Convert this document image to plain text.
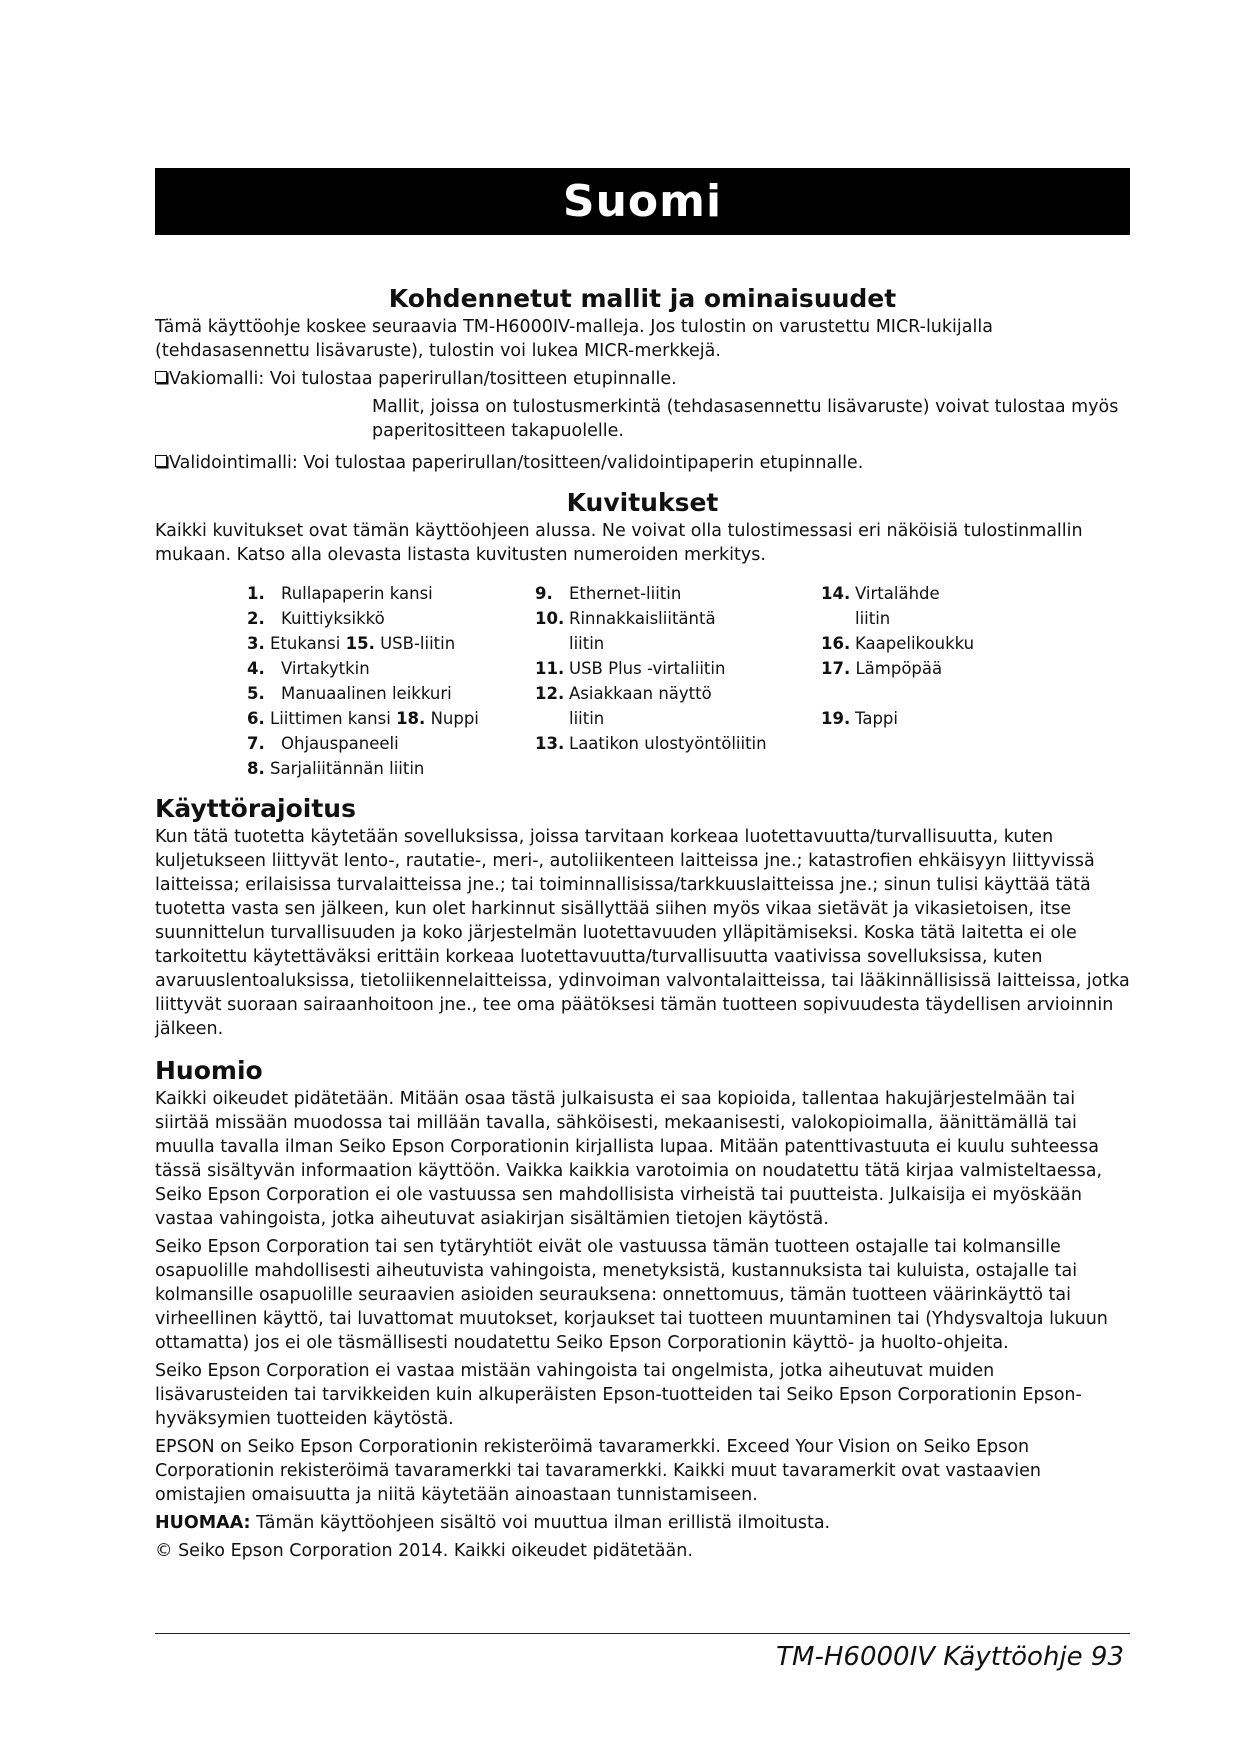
Suomi
Kohdennetut mallit ja ominaisuudet

Tämä käyttöohje koskee seuraavia TM-H6000IV-malleja. Jos tulostin on varustettu MICR-lukijalla (tehdasasennettu lisävaruste), tulostin voi lukea MICR-merkkejä.

Vakiomalli: Voi tulostaa paperirullan/tositteen etupinnalle.

Mallit, joissa on tulostusmerkintä (tehdasasennettu lisävaruste) voivat tulostaa myös paperitositteen takapuolelle.

Validointimalli: Voi tulostaa paperirullan/tositteen/validointipaperin etupinnalle.

Kuvitukset

Kaikki kuvitukset ovat tämän käyttöohjeen alussa. Ne voivat olla tulostimessasi eri näköisiä tulostinmallin mukaan. Katso alla olevasta listasta kuvitusten numeroiden merkitys.

1. Rullapaperin kansi
2. Kuittiyksikkö
3. Etukansi 15. USB-liitin
4. Virtakytkin
5. Manuaalinen leikkuri
6. Liittimen kansi 18. Nuppi
7. Ohjauspaneeli
8. Sarjaliitännän liitin
9. Ethernet-liitin
10. Rinnakkaisliitäntä liitin
11. USB Plus -virtaliitin
12. Asiakkaan näyttö liitin
13. Laatikon ulostyöntöliitin
14. Virtalähde liitin
16. Kaapelikoukku
17. Lämpöpää
19. Tappi
Käyttörajoitus

Kun tätä tuotetta käytetään sovelluksissa, joissa tarvitaan korkeaa luotettavuutta/turvallisuutta, kuten kuljetukseen liittyvät lento-, rautatie-, meri-, autoliikenteen laitteissa jne.; katastrofien ehkäisyyn liittyvissä laitteissa; erilaisissa turvalaitteissa jne.; tai toiminnallisissa/tarkkuuslaitteissa jne.; sinun tulisi käyttää tätä tuotetta vasta sen jälkeen, kun olet harkinnut sisällyttää siihen myös vikaa sietävät ja vikasietoisen, itse suunnittelun turvallisuuden ja koko järjestelmän luotettavuuden ylläpitämiseksi. Koska tätä laitetta ei ole tarkoitettu käytettäväksi erittäin korkeaa luotettavuutta/turvallisuutta vaativissa sovelluksissa, kuten avaruuslentoaluksissa, tietoliikennelaitteissa, ydinvoiman valvontalaitteissa, tai lääkinnällisissä laitteissa, jotka liittyvät suoraan sairaanhoitoon jne., tee oma päätöksesi tämän tuotteen sopivuudesta täydellisen arvioinnin jälkeen.

Huomio

Kaikki oikeudet pidätetään. Mitään osaa tästä julkaisusta ei saa kopioida, tallentaa hakujärjestelmään tai siirtää missään muodossa tai millään tavalla, sähköisesti, mekaanisesti, valokopioimalla, äänittämällä tai muulla tavalla ilman Seiko Epson Corporationin kirjallista lupaa. Mitään patenttivastuuta ei kuulu suhteessa tässä sisältyvän informaation käyttöön. Vaikka kaikkia varotoimia on noudatettu tätä kirjaa valmisteltaessa, Seiko Epson Corporation ei ole vastuussa sen mahdollisista virheistä tai puutteista. Julkaisija ei myöskään vastaa vahingoista, jotka aiheutuvat asiakirjan sisältämien tietojen käytöstä.

Seiko Epson Corporation tai sen tytäryhtiöt eivät ole vastuussa tämän tuotteen ostajalle tai kolmansille osapuolille mahdollisesti aiheutuvista vahingoista, menetyksistä, kustannuksista tai kuluista, ostajalle tai kolmansille osapuolille seuraavien asioiden seurauksena: onnettomuus, tämän tuotteen väärinkäyttö tai virheellinen käyttö, tai luvattomat muutokset, korjaukset tai tuotteen muuntaminen tai (Yhdysvaltoja lukuun ottamatta) jos ei ole täsmällisesti noudatettu Seiko Epson Corporationin käyttö- ja huolto-ohjeita.

Seiko Epson Corporation ei vastaa mistään vahingoista tai ongelmista, jotka aiheutuvat muiden lisävarusteiden tai tarvikkeiden kuin alkuperäisten Epson-tuotteiden tai Seiko Epson Corporationin Epson-hyväksymien tuotteiden käytöstä.

EPSON on Seiko Epson Corporationin rekisteröimä tavaramerkki. Exceed Your Vision on Seiko Epson Corporationin rekisteröimä tavaramerkki tai tavaramerkki. Kaikki muut tavaramerkit ovat vastaavien omistajien omaisuutta ja niitä käytetään ainoastaan tunnistamiseen.

HUOMAA: Tämän käyttöohjeen sisältö voi muuttua ilman erillistä ilmoitusta.

© Seiko Epson Corporation 2014. Kaikki oikeudet pidätetään.

TM-H6000IV Käyttöohje 93
